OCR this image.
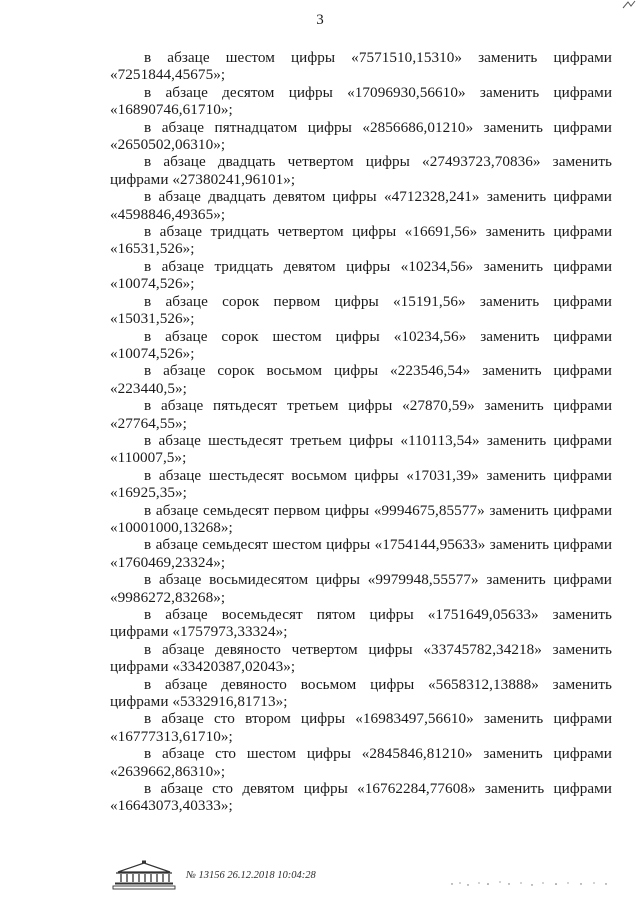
3

в абзаце шестом цифры «7571510,15310» заменить цифрами «7251844,45675»;

в абзаце десятом цифры «17096930,56610» заменить цифрами «16890746,61710»;

в абзаце пятнадцатом цифры «2856686,01210» заменить цифрами «2650502,06310»;

в абзаце двадцать четвертом цифры «27493723,70836» заменить цифрами «27380241,96101»;

в абзаце двадцать девятом цифры «4712328,241» заменить цифрами «4598846,49365»;

в абзаце тридцать четвертом цифры «16691,56» заменить цифрами «16531,526»;

в абзаце тридцать девятом цифры «10234,56» заменить цифрами «10074,526»;

в абзаце сорок первом цифры «15191,56» заменить цифрами «15031,526»;

в абзаце сорок шестом цифры «10234,56» заменить цифрами «10074,526»;

в абзаце сорок восьмом цифры «223546,54» заменить цифрами «223440,5»;

в абзаце пятьдесят третьем цифры «27870,59» заменить цифрами «27764,55»;

в абзаце шестьдесят третьем цифры «110113,54» заменить цифрами «110007,5»;

в абзаце шестьдесят восьмом цифры «17031,39» заменить цифрами «16925,35»;

в абзаце семьдесят первом цифры «9994675,85577» заменить цифрами «10001000,13268»;

в абзаце семьдесят шестом цифры «1754144,95633» заменить цифрами «1760469,23324»;

в абзаце восьмидесятом цифры «9979948,55577» заменить цифрами «9986272,83268»;

в абзаце восемьдесят пятом цифры «1751649,05633» заменить цифрами «1757973,33324»;

в абзаце девяносто четвертом цифры «33745782,34218» заменить цифрами «33420387,02043»;

в абзаце девяносто восьмом цифры «5658312,13888» заменить цифрами «5332916,81713»;

в абзаце сто втором цифры «16983497,56610» заменить цифрами «16777313,61710»;

в абзаце сто шестом цифры «2845846,81210» заменить цифрами «2639662,86310»;

в абзаце сто девятом цифры «16762284,77608» заменить цифрами «16643073,40333»;

№ 13156 26.12.2018 10:04:28
